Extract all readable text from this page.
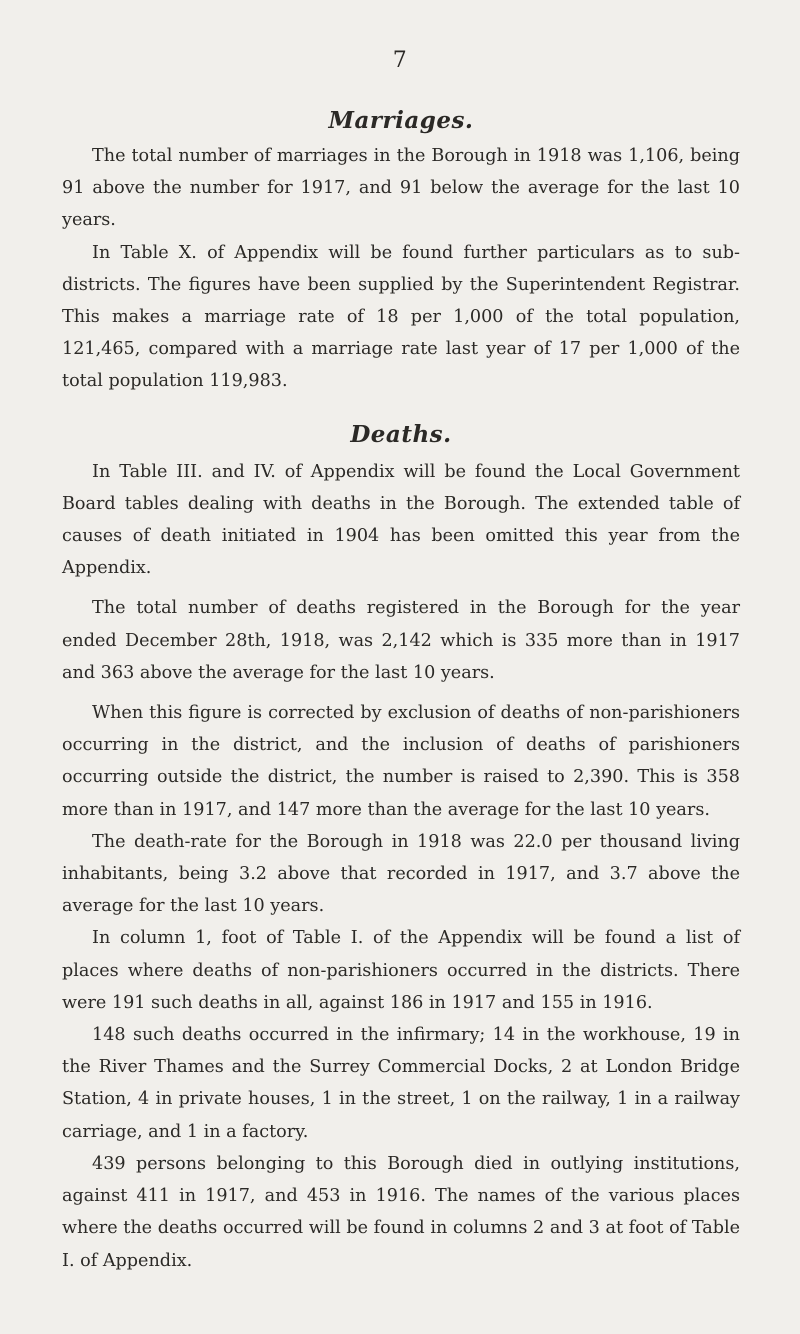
7
Marriages.

The total number of marriages in the Borough in 1918 was 1,106, being 91 above the number for 1917, and 91 below the average for the last 10 years.

In Table X. of Appendix will be found further particulars as to sub-districts. The figures have been supplied by the Superintendent Registrar. This makes a marriage rate of 18 per 1,000 of the total population, 121,465, compared with a marriage rate last year of 17 per 1,000 of the total population 119,983.

Deaths.

In Table III. and IV. of Appendix will be found the Local Government Board tables dealing with deaths in the Borough. The extended table of causes of death initiated in 1904 has been omitted this year from the Appendix.

The total number of deaths registered in the Borough for the year ended December 28th, 1918, was 2,142 which is 335 more than in 1917 and 363 above the average for the last 10 years.

When this figure is corrected by exclusion of deaths of non-parishioners occurring in the district, and the inclusion of deaths of parishioners occurring outside the district, the number is raised to 2,390. This is 358 more than in 1917, and 147 more than the average for the last 10 years.

The death-rate for the Borough in 1918 was 22.0 per thousand living inhabitants, being 3.2 above that recorded in 1917, and 3.7 above the average for the last 10 years.

In column 1, foot of Table I. of the Appendix will be found a list of places where deaths of non-parishioners occurred in the districts. There were 191 such deaths in all, against 186 in 1917 and 155 in 1916.

148 such deaths occurred in the infirmary; 14 in the workhouse, 19 in the River Thames and the Surrey Commercial Docks, 2 at London Bridge Station, 4 in private houses, 1 in the street, 1 on the railway, 1 in a railway carriage, and 1 in a factory.

439 persons belonging to this Borough died in outlying institutions, against 411 in 1917, and 453 in 1916. The names of the various places where the deaths occurred will be found in columns 2 and 3 at foot of Table I. of Appendix.
